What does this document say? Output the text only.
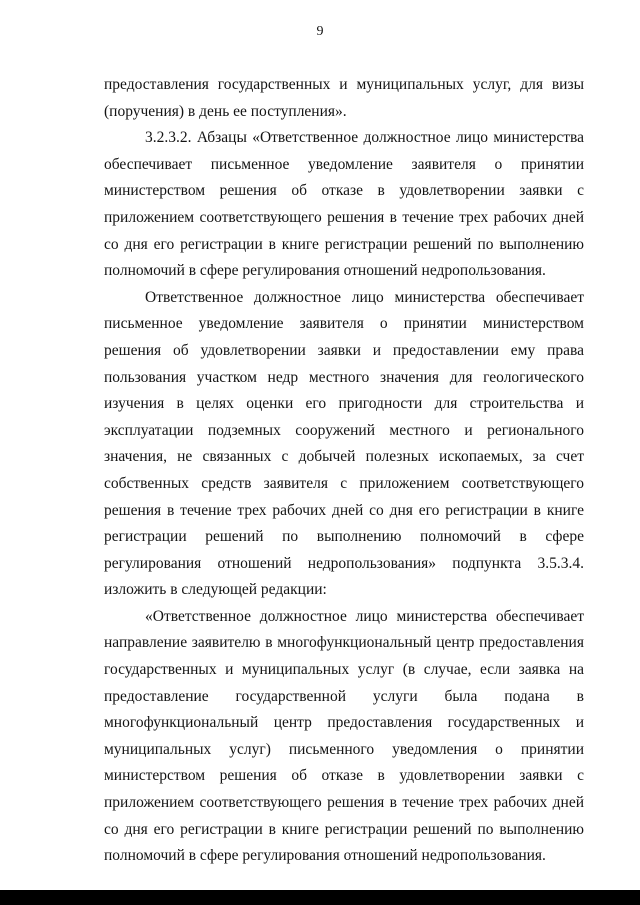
9

предоставления государственных и муниципальных услуг, для визы (поручения) в день ее поступления».

3.2.3.2. Абзацы «Ответственное должностное лицо министерства обеспечивает письменное уведомление заявителя о принятии министерством решения об отказе в удовлетворении заявки с приложением соответствующего решения в течение трех рабочих дней со дня его регистрации в книге регистрации решений по выполнению полномочий в сфере регулирования отношений недропользования.

Ответственное должностное лицо министерства обеспечивает письменное уведомление заявителя о принятии министерством решения об удовлетворении заявки и предоставлении ему права пользования участком недр местного значения для геологического изучения в целях оценки его пригодности для строительства и эксплуатации подземных сооружений местного и регионального значения, не связанных с добычей полезных ископаемых, за счет собственных средств заявителя с приложением соответствующего решения в течение трех рабочих дней со дня его регистрации в книге регистрации решений по выполнению полномочий в сфере регулирования отношений недропользования» подпункта 3.5.3.4. изложить в следующей редакции:

«Ответственное должностное лицо министерства обеспечивает направление заявителю в многофункциональный центр предоставления государственных и муниципальных услуг (в случае, если заявка на предоставление государственной услуги была подана в многофункциональный центр предоставления государственных и муниципальных услуг) письменного уведомления о принятии министерством решения об отказе в удовлетворении заявки с приложением соответствующего решения в течение трех рабочих дней со дня его регистрации в книге регистрации решений по выполнению полномочий в сфере регулирования отношений недропользования.
